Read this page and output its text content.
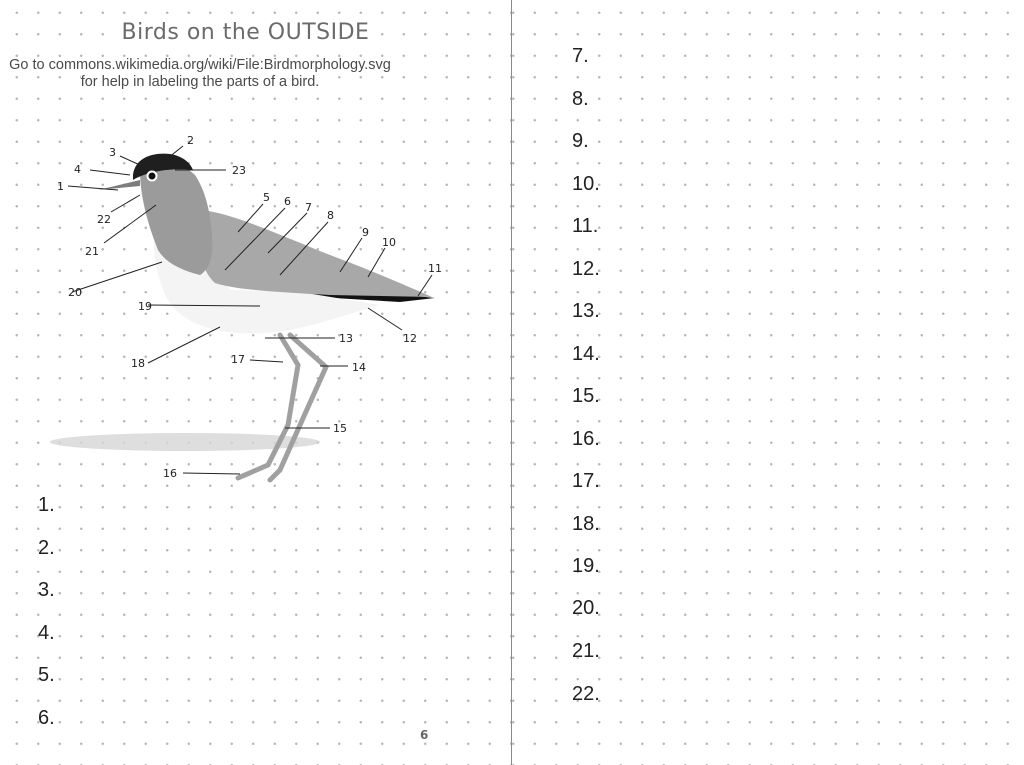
Birds on the OUTSIDE
Go to commons.wikimedia.org/wiki/File:Birdmorphology.svg
for help in labeling the parts of a bird.
1
2
3
4
5 6 7
8
9
10
11
12
13
14
15
16
17
18
19
20
21
22
23
1.
2.
3.
4.
5.
6.
7.
8.
9.
10.
11.
12.
13.
14.
15.
16.
17.
18.
19.
20.
21.
22.
6
